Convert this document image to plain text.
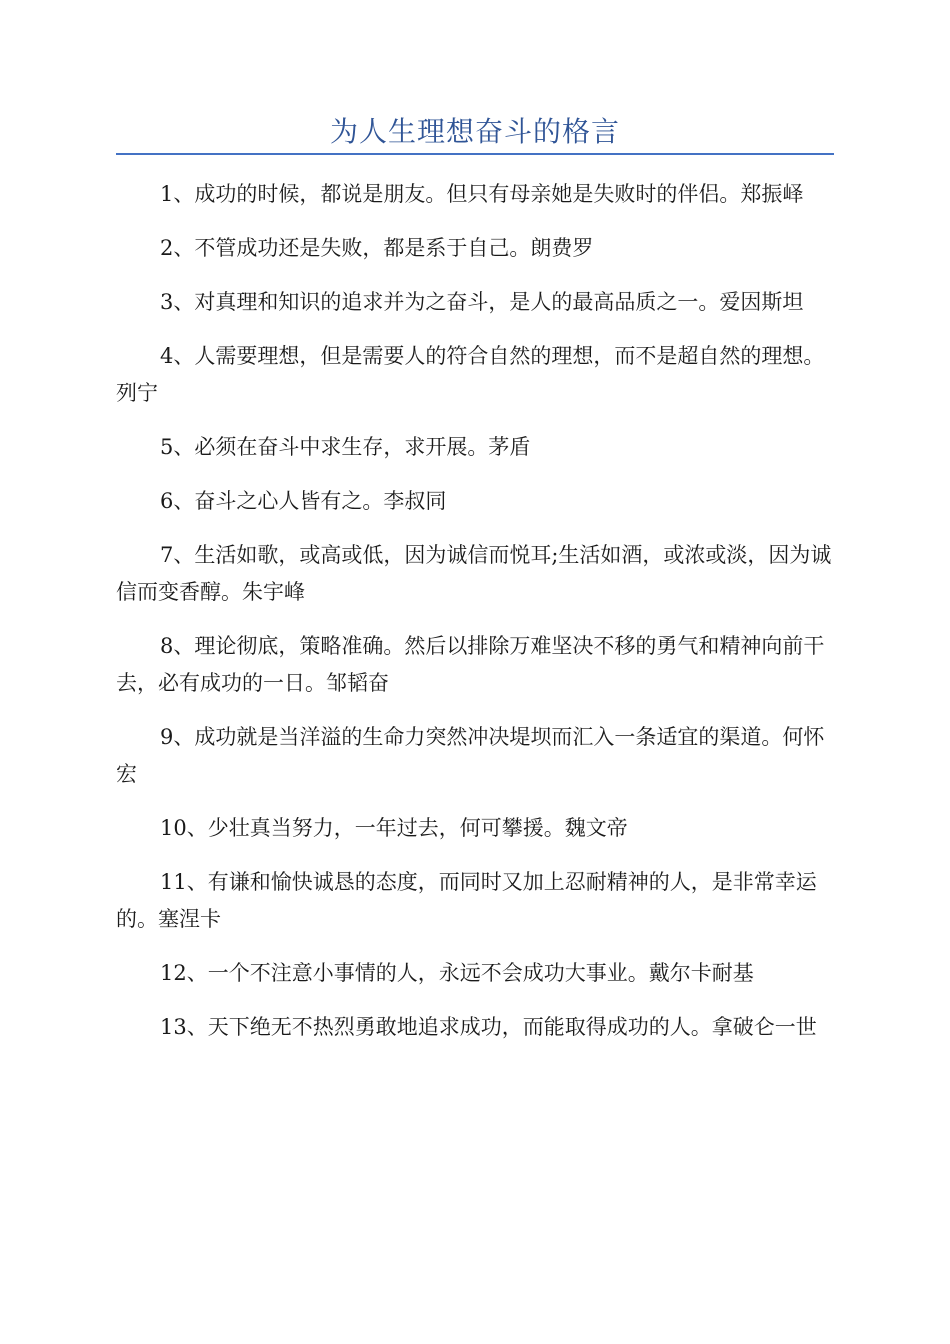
为人生理想奋斗的格言

1、成功的时候，都说是朋友。但只有母亲她是失败时的伴侣。郑振峄

2、不管成功还是失败，都是系于自己。朗费罗

3、对真理和知识的追求并为之奋斗，是人的最高品质之一。爱因斯坦

4、人需要理想，但是需要人的符合自然的理想，而不是超自然的理想。列宁

5、必须在奋斗中求生存，求开展。茅盾

6、奋斗之心人皆有之。李叔同

7、生活如歌，或高或低，因为诚信而悦耳;生活如酒，或浓或淡，因为诚信而变香醇。朱宇峰

8、理论彻底，策略准确。然后以排除万难坚决不移的勇气和精神向前干去，必有成功的一日。邹韬奋

9、成功就是当洋溢的生命力突然冲决堤坝而汇入一条适宜的渠道。何怀宏

10、少壮真当努力，一年过去，何可攀援。魏文帝

11、有谦和愉快诚恳的态度，而同时又加上忍耐精神的人，是非常幸运的。塞涅卡

12、一个不注意小事情的人，永远不会成功大事业。戴尔卡耐基

13、天下绝无不热烈勇敢地追求成功，而能取得成功的人。拿破仑一世
